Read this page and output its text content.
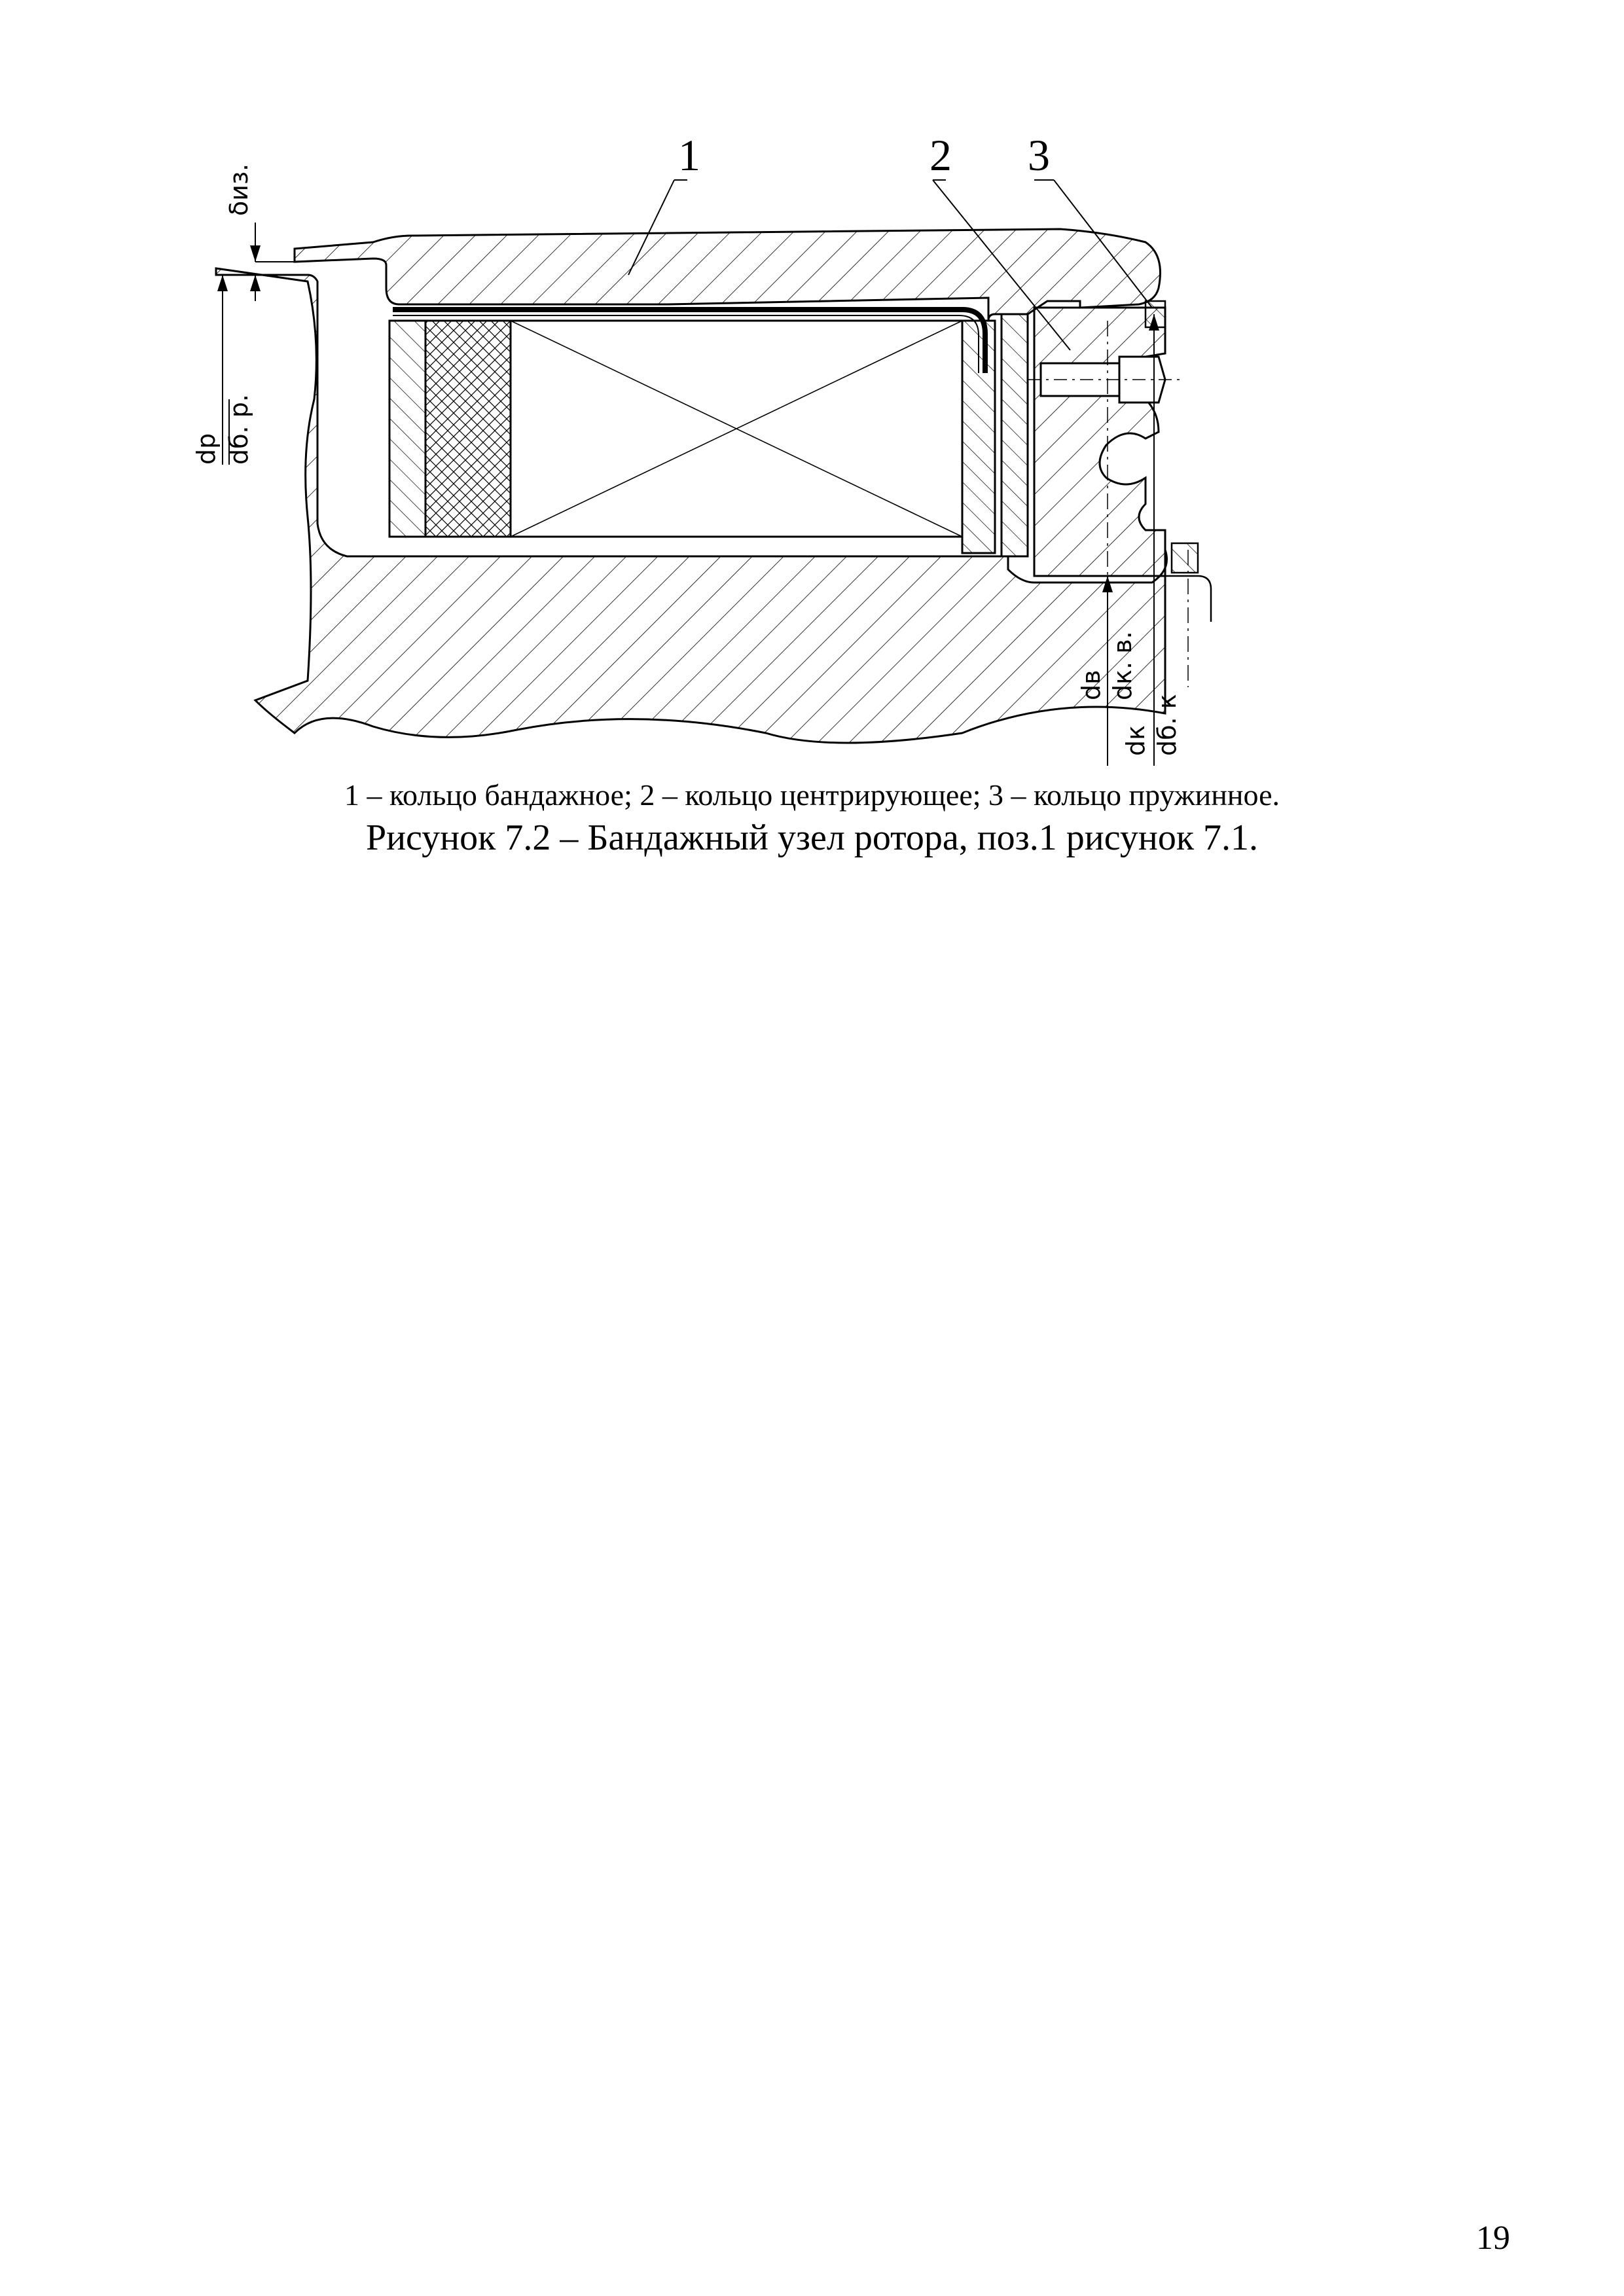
1	2 3
δиз.
dр dб. р.
dв dк. в.
dк dб. к
1 – кольцо бандажное; 2 – кольцо центрирующее; 3 – кольцо пружинное.
Рисунок 7.2 – Бандажный узел ротора, поз.1 рисунок 7.1.
19
